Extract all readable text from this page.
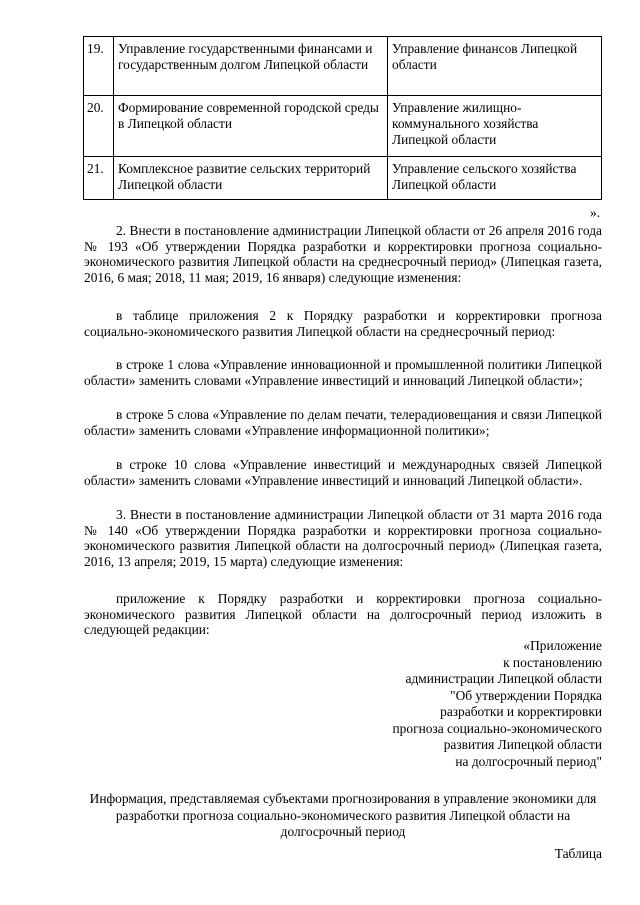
19.	Управление государственными финансами и государственным долгом Липецкой области	Управление финансов Липецкой области
20.	Формирование современной городской среды в Липецкой области	Управление жилищно-коммунального хозяйства Липецкой области
21.	Комплексное развитие сельских территорий Липецкой области	Управление сельского хозяйства Липецкой области
».

2. Внести в постановление администрации Липецкой области от 26 апреля 2016 года № 193 «Об утверждении Порядка разработки и корректировки прогноза социально-экономического развития Липецкой области на среднесрочный период» (Липецкая газета, 2016, 6 мая; 2018, 11 мая; 2019, 16 января) следующие изменения:

в таблице приложения 2 к Порядку разработки и корректировки прогноза социально-экономического развития Липецкой области на среднесрочный период:

в строке 1 слова «Управление инновационной и промышленной политики Липецкой области» заменить словами «Управление инвестиций и инноваций Липецкой области»;

в строке 5 слова «Управление по делам печати, телерадиовещания и связи Липецкой области» заменить словами «Управление информационной политики»;

в строке 10 слова «Управление инвестиций и международных связей Липецкой области» заменить словами «Управление инвестиций и инноваций Липецкой области».

3. Внести в постановление администрации Липецкой области от 31 марта 2016 года № 140 «Об утверждении Порядка разработки и корректировки прогноза социально-экономического развития Липецкой области на долгосрочный период» (Липецкая газета, 2016, 13 апреля; 2019, 15 марта) следующие изменения:

приложение к Порядку разработки и корректировки прогноза социально-экономического развития Липецкой области на долгосрочный период изложить в следующей редакции:

«Приложение
к постановлению
администрации Липецкой области
"Об утверждении Порядка
разработки и корректировки
прогноза социально-экономического
развития Липецкой области
на долгосрочный период"

Информация, представляемая субъектами прогнозирования в управление экономики для разработки прогноза социально-экономического развития Липецкой области на долгосрочный период

Таблица
